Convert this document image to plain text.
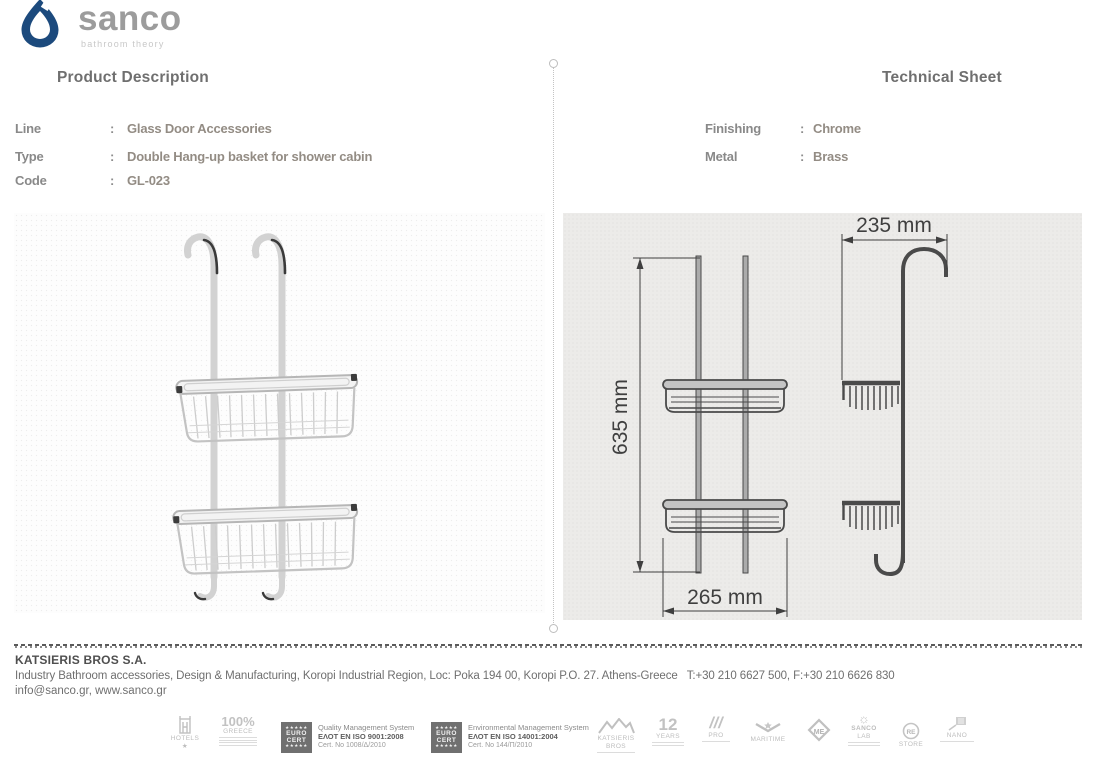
sanco
bathroom theory
Product Description	Technical Sheet
Line	: Glass Door Accessories
Type	: Double Hang-up basket for shower cabin
Code	: GL-023
Finishing	: Chrome
Metal	: Brass
635 mm
265 mm
235 mm
KATSIERIS BROS S.A.
Industry Bathroom accessories, Design & Manufacturing, Koropi Industrial Region, Loc: Poka 194 00, Koropi P.O. 27. Athens-Greece   T:+30 210 6627 500, F:+30 210 6626 830
info@sanco.gr, www.sanco.gr
HOTELS
★
100%
GREECE
★★★★★
EURO
CERT
★★★★★
Quality Management System
ΕΛΟΤ EN ISO 9001:2008
Cert. No 1008/Δ/2010
★★★★★
EURO
CERT
★★★★★
Environmental Management System
ΕΛΟΤ EN ISO 14001:2004
Cert. No 144/Π/2010
KATSIERIS
BROS
12
YEARS
///
PRO
MARITIME
ME
☼
SANCO
LAB
RE
STORE
NANO
